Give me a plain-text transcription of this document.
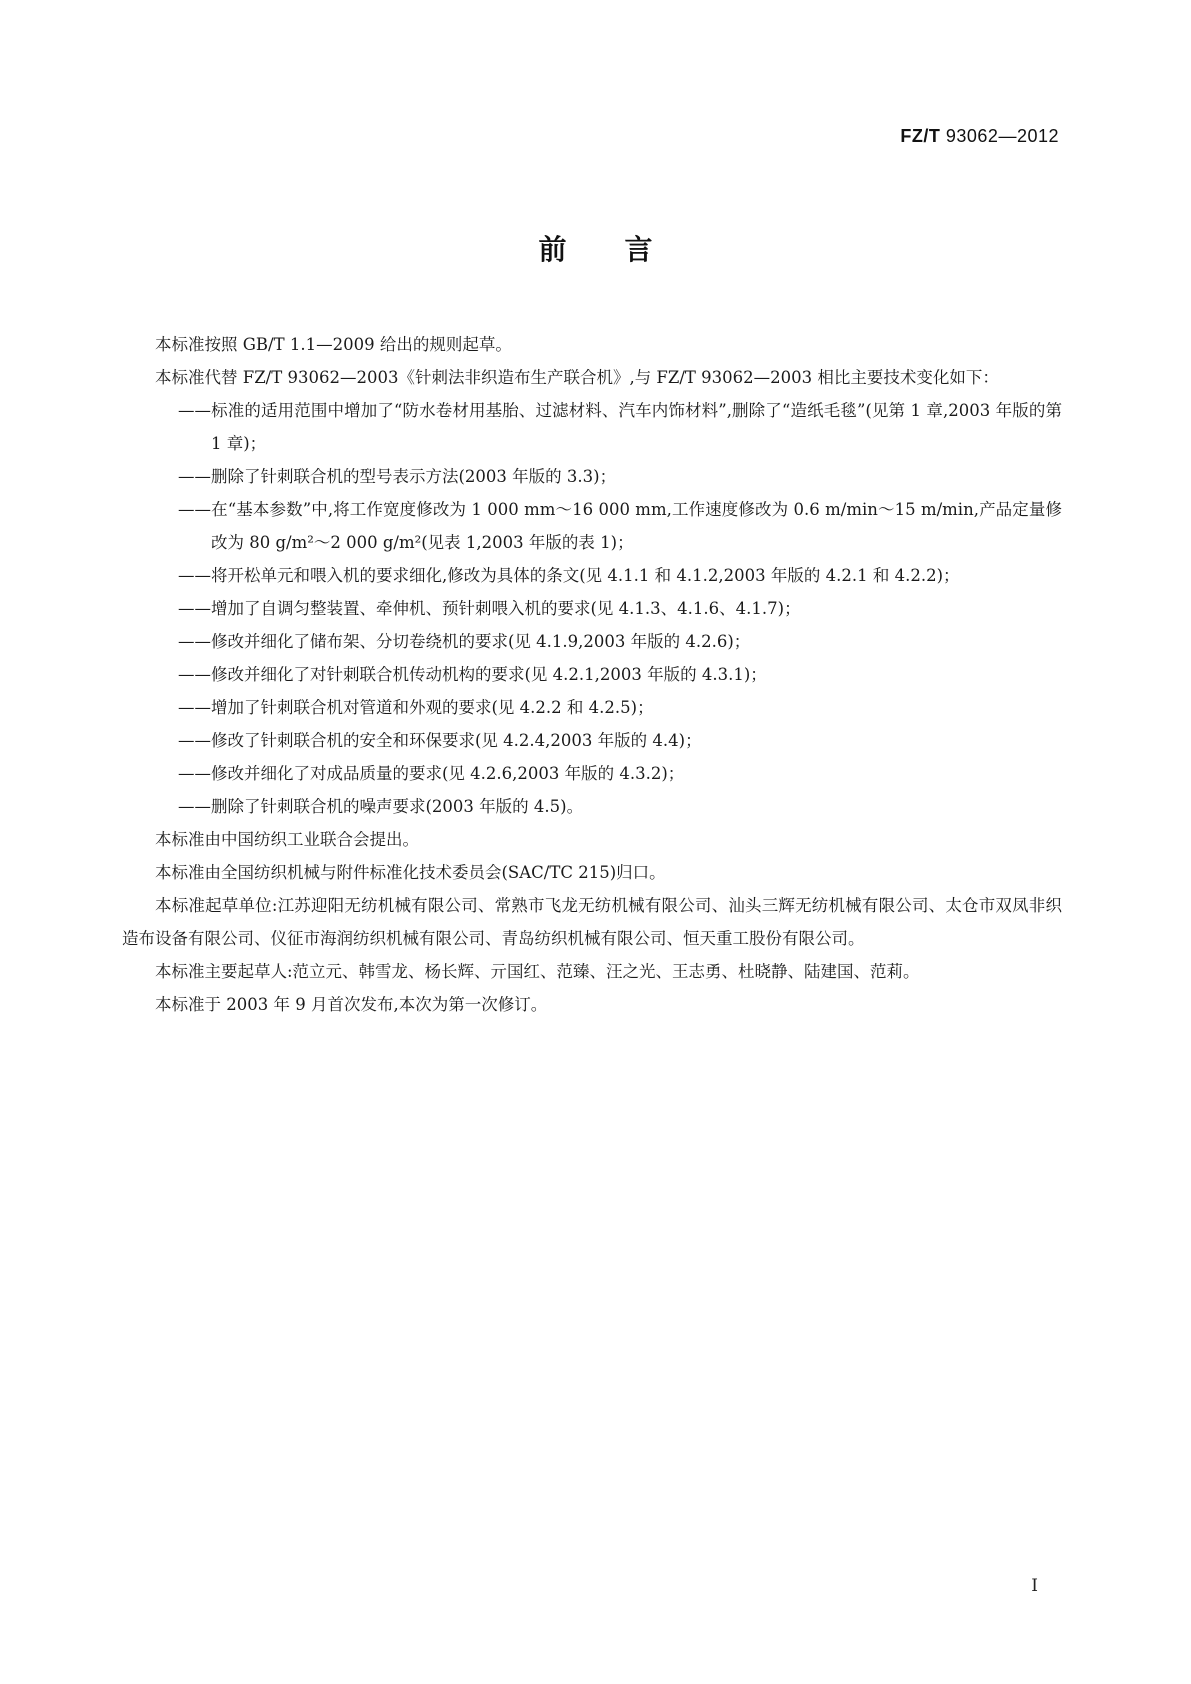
FZ/T 93062—2012
前言

本标准按照 GB/T 1.1—2009 给出的规则起草。

本标准代替 FZ/T 93062—2003《针刺法非织造布生产联合机》,与 FZ/T 93062—2003 相比主要技术变化如下：

——标准的适用范围中增加了“防水卷材用基胎、过滤材料、汽车内饰材料”,删除了“造纸毛毯”(见第 1 章,2003 年版的第 1 章)；
——删除了针刺联合机的型号表示方法(2003 年版的 3.3)；
——在“基本参数”中,将工作宽度修改为 1 000 mm～16 000 mm,工作速度修改为 0.6 m/min～15 m/min,产品定量修改为 80 g/m²～2 000 g/m²(见表 1,2003 年版的表 1)；
——将开松单元和喂入机的要求细化,修改为具体的条文(见 4.1.1 和 4.1.2,2003 年版的 4.2.1 和 4.2.2)；
——增加了自调匀整装置、牵伸机、预针刺喂入机的要求(见 4.1.3、4.1.6、4.1.7)；
——修改并细化了储布架、分切卷绕机的要求(见 4.1.9,2003 年版的 4.2.6)；
——修改并细化了对针刺联合机传动机构的要求(见 4.2.1,2003 年版的 4.3.1)；
——增加了针刺联合机对管道和外观的要求(见 4.2.2 和 4.2.5)；
——修改了针刺联合机的安全和环保要求(见 4.2.4,2003 年版的 4.4)；
——修改并细化了对成品质量的要求(见 4.2.6,2003 年版的 4.3.2)；
——删除了针刺联合机的噪声要求(2003 年版的 4.5)。

本标准由中国纺织工业联合会提出。

本标准由全国纺织机械与附件标准化技术委员会(SAC/TC 215)归口。

本标准起草单位:江苏迎阳无纺机械有限公司、常熟市飞龙无纺机械有限公司、汕头三辉无纺机械有限公司、太仓市双凤非织造布设备有限公司、仪征市海润纺织机械有限公司、青岛纺织机械有限公司、恒天重工股份有限公司。

本标准主要起草人:范立元、韩雪龙、杨长辉、亓国红、范臻、汪之光、王志勇、杜晓静、陆建国、范莉。

本标准于 2003 年 9 月首次发布,本次为第一次修订。

I
